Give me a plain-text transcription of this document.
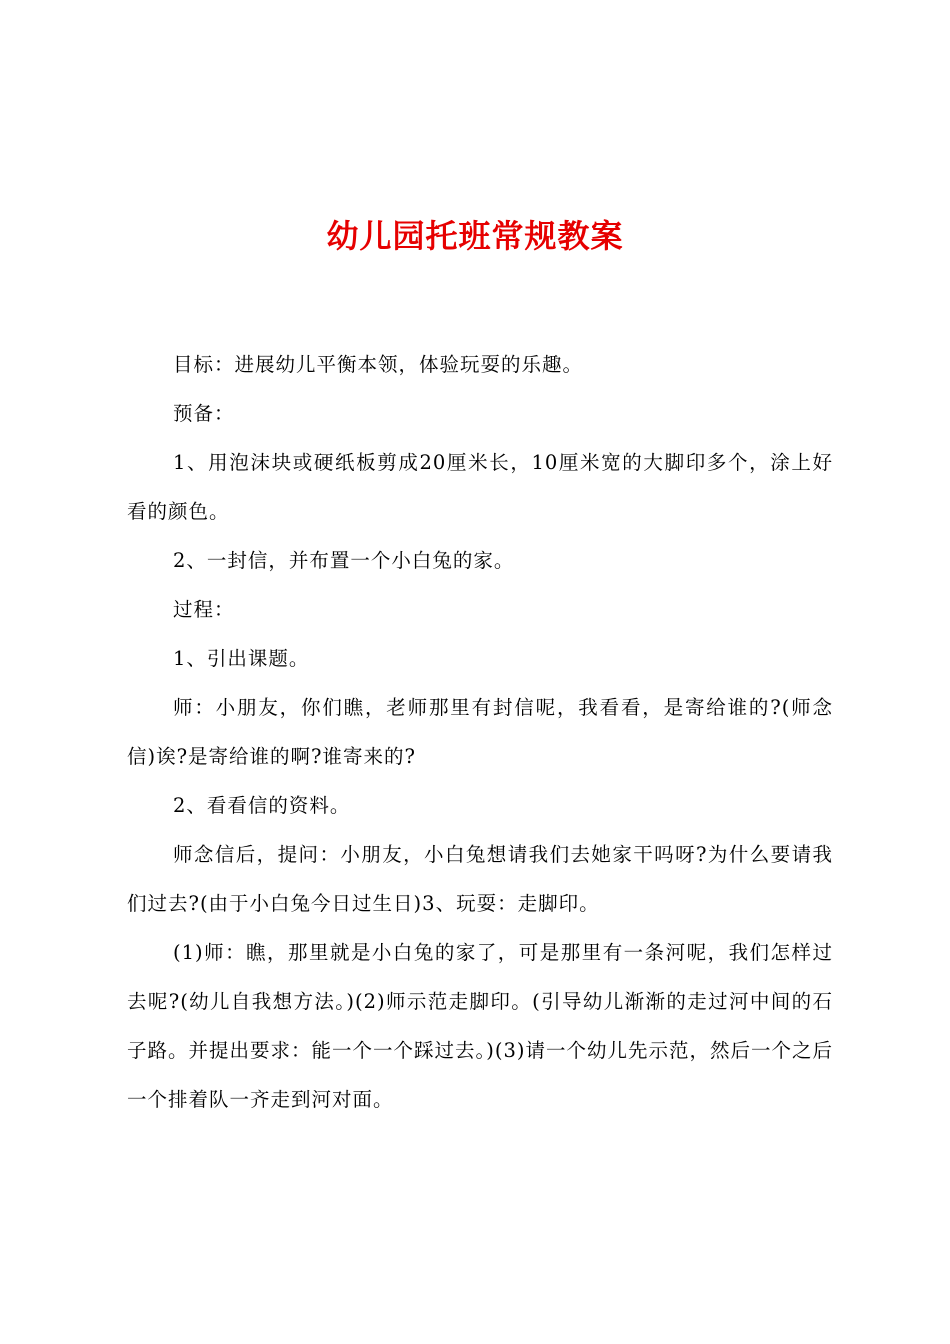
幼儿园托班常规教案

目标：进展幼儿平衡本领，体验玩耍的乐趣。

预备：

1、用泡沫块或硬纸板剪成20厘米长，10厘米宽的大脚印多个，涂上好看的颜色。

2、一封信，并布置一个小白兔的家。

过程：

1、引出课题。

师：小朋友，你们瞧，老师那里有封信呢，我看看，是寄给谁的?(师念信)诶?是寄给谁的啊?谁寄来的?

2、看看信的资料。

师念信后，提问：小朋友，小白兔想请我们去她家干吗呀?为什么要请我们过去?(由于小白兔今日过生日)3、玩耍：走脚印。

(1)师：瞧，那里就是小白兔的家了，可是那里有一条河呢，我们怎样过去呢?(幼儿自我想方法。)(2)师示范走脚印。(引导幼儿渐渐的走过河中间的石子路。并提出要求：能一个一个踩过去。)(3)请一个幼儿先示范，然后一个之后一个排着队一齐走到河对面。
